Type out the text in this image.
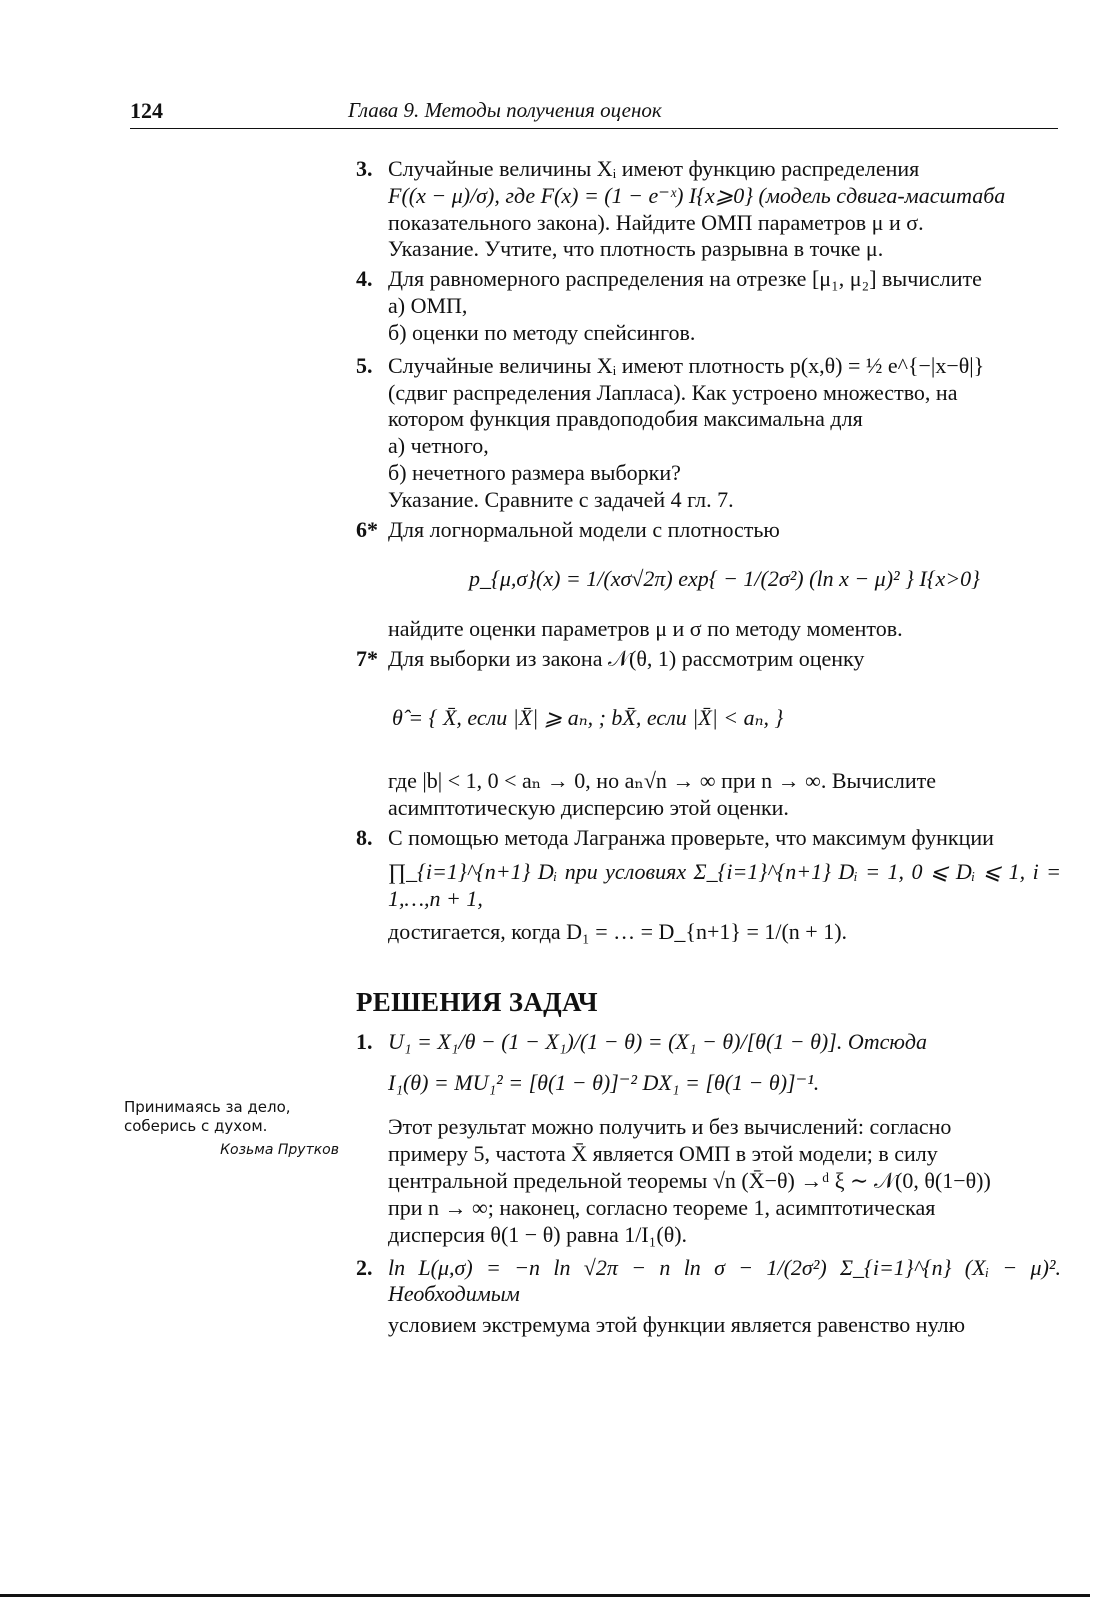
124	Глава 9. Методы получения оценок
3. Случайные величины Xᵢ имеют функцию распределения
F((x − μ)/σ), где F(x) = (1 − e⁻ˣ) I{x⩾0} (модель сдвига-масштаба
показательного закона). Найдите ОМП параметров μ и σ.
Указание. Учтите, что плотность разрывна в точке μ.
4. Для равномерного распределения на отрезке [μ₁, μ₂] вычислите
а) ОМП,
б) оценки по методу спейсингов.
5. Случайные величины Xᵢ имеют плотность p(x,θ) = ½ e^{−|x−θ|}
(сдвиг распределения Лапласа). Как устроено множество, на
котором функция правдоподобия максимальна для
а) четного,
б) нечетного размера выборки?
Указание. Сравните с задачей 4 гл. 7.
6* Для логнормальной модели с плотностью
p_{μ,σ}(x) = 1/(xσ√2π) exp{ − 1/(2σ²) (ln x − μ)² } I{x>0}
найдите оценки параметров μ и σ по методу моментов.
7* Для выборки из закона 𝒩(θ, 1) рассмотрим оценку
θ̂ = { X̄, если |X̄| ⩾ aₙ, ; bX̄, если |X̄| < aₙ, }
где |b| < 1, 0 < aₙ → 0, но aₙ√n → ∞ при n → ∞. Вычислите
асимптотическую дисперсию этой оценки.
8. С помощью метода Лагранжа проверьте, что максимум функции
∏_{i=1}^{n+1} Dᵢ при условиях Σ_{i=1}^{n+1} Dᵢ = 1, 0 ⩽ Dᵢ ⩽ 1, i = 1,…,n + 1,
достигается, когда D₁ = … = D_{n+1} = 1/(n + 1).
РЕШЕНИЯ ЗАДАЧ
1. U₁ = X₁/θ − (1 − X₁)/(1 − θ) = (X₁ − θ)/[θ(1 − θ)]. Отсюда
I₁(θ) = MU₁² = [θ(1 − θ)]⁻² DX₁ = [θ(1 − θ)]⁻¹.
Этот результат можно получить и без вычислений: согласно
примеру 5, частота X̄ является ОМП в этой модели; в силу
центральной предельной теоремы √n (X̄−θ) →ᵈ ξ ∼ 𝒩(0, θ(1−θ))
при n → ∞; наконец, согласно теореме 1, асимптотическая
дисперсия θ(1 − θ) равна 1/I₁(θ).
2. ln L(μ,σ) = −n ln √2π − n ln σ − 1/(2σ²) Σ_{i=1}^{n} (Xᵢ − μ)². Необходимым
условием экстремума этой функции является равенство нулю
Принимаясь за дело, соберись с духом.
Козьма Прутков
